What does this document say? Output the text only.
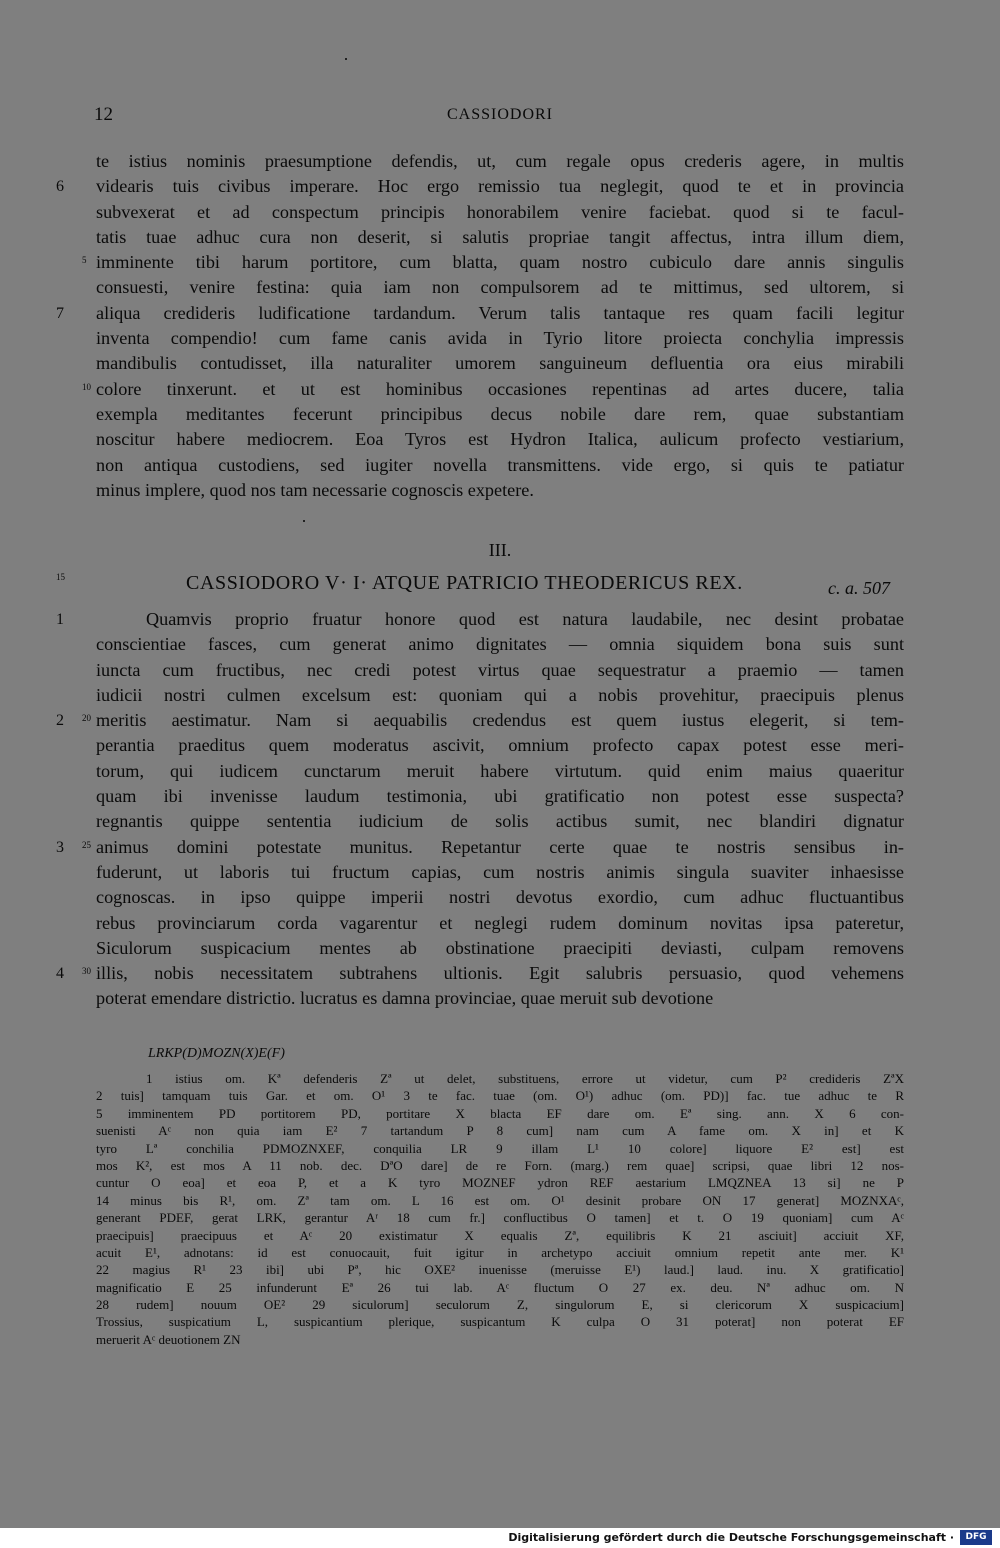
12	CASSIODORI
te istius nominis praesumptione defendis, ut, cum regale opus crederis agere, in multis
videaris tuis civibus imperare. Hoc ergo remissio tua neglegit, quod te et in provincia
6
subvexerat et ad conspectum principis honorabilem venire faciebat. quod si te facul-
tatis tuae adhuc cura non deserit, si salutis propriae tangit affectus, intra illum diem,
imminente tibi harum portitore, cum blatta, quam nostro cubiculo dare annis singulis
5
consuesti, venire festina: quia iam non compulsorem ad te mittimus, sed ultorem, si
aliqua credideris ludificatione tardandum. Verum talis tantaque res quam facili legitur
7
inventa compendio! cum fame canis avida in Tyrio litore proiecta conchylia impressis
mandibulis contudisset, illa naturaliter umorem sanguineum defluentia ora eius mirabili
colore tinxerunt. et ut est hominibus occasiones repentinas ad artes ducere, talia
10
exempla meditantes fecerunt principibus decus nobile dare rem, quae substantiam
noscitur habere mediocrem. Eoa Tyros est Hydron Italica, aulicum profecto vestiarium,
non antiqua custodiens, sed iugiter novella transmittens. vide ergo, si quis te patiatur
minus implere, quod nos tam necessarie cognoscis expetere.
III.
15	CASSIODORO V· I· ATQUE PATRICIO THEODERICUS REX.	c. a. 507
Quamvis proprio fruatur honore quod est natura laudabile, nec desint probatae
1
conscientiae fasces, cum generat animo dignitates — omnia siquidem bona suis sunt
iuncta cum fructibus, nec credi potest virtus quae sequestratur a praemio — tamen
iudicii nostri culmen excelsum est: quoniam qui a nobis provehitur, praecipuis plenus
meritis aestimatur. Nam si aequabilis credendus est quem iustus elegerit, si tem-
2 20
perantia praeditus quem moderatus ascivit, omnium profecto capax potest esse meri-
torum, qui iudicem cunctarum meruit habere virtutum. quid enim maius quaeritur
quam ibi invenisse laudum testimonia, ubi gratificatio non potest esse suspecta?
regnantis quippe sententia iudicium de solis actibus sumit, nec blandiri dignatur
animus domini potestate munitus. Repetantur certe quae te nostris sensibus in-
3 25
fuderunt, ut laboris tui fructum capias, cum nostris animis singula suaviter inhaesisse
cognoscas. in ipso quippe imperii nostri devotus exordio, cum adhuc fluctuantibus
rebus provinciarum corda vagarentur et neglegi rudem dominum novitas ipsa pateretur,
Siculorum suspicacium mentes ab obstinatione praecipiti deviasti, culpam removens
illis, nobis necessitatem subtrahens ultionis. Egit salubris persuasio, quod vehemens
4 30
poterat emendare districtio. lucratus es damna provinciae, quae meruit sub devotione
LRKP(D)MOZN(X)E(F)
1 istius om. Kª defenderis Zª ut delet, substituens, errore ut videtur, cum P² credideris ZªX
2 tuis] tamquam tuis Gar. et om. O¹ 3 te fac. tuae (om. O¹) adhuc (om. PD)] fac. tue adhuc te R
5 imminentem PD portitorem PD, portitare X blacta EF dare om. Eª sing. ann. X 6 con-
suenisti Aᶜ non quia iam E² 7 tartandum P 8 cum] nam cum A fame om. X in] et K
tyro Lª conchilia PDMOZNXEF, conquilia LR 9 illam L¹ 10 colore] liquore E² est] est
mos K², est mos A 11 nob. dec. DªO dare] de re Forn. (marg.) rem quae] scripsi, quae libri 12 nos-
cuntur O eoa] et eoa P, et a K tyro MOZNEF ydron REF aestarium LMQZNEA 13 si] ne P
14 minus bis R¹, om. Zª tam om. L 16 est om. O¹ desinit probare ON 17 generat] MOZNXAᶜ,
generant PDEF, gerat LRK, gerantur Aʳ 18 cum fr.] confluctibus O tamen] et t. O 19 quoniam] cum Aᶜ
praecipuis] praecipuus et Aᶜ 20 existimatur X equalis Zª, equilibris K 21 asciuit] acciuit XF,
acuit E¹, adnotans: id est conuocauit, fuit igitur in archetypo acciuit omnium repetit ante mer. K¹
22 magius R¹ 23 ibi] ubi Pª, hic OXE² inuenisse (meruisse E¹) laud.] laud. inu. X gratificatio]
magnificatio E 25 infunderunt Eª 26 tui lab. Aᶜ fluctum O 27 ex. deu. Nª adhuc om. N
28 rudem] nouum OE² 29 siculorum] seculorum Z, singulorum E, si clericorum X suspicacium]
Trossius, suspicatium L, suspicantium plerique, suspicantum K culpa O 31 poterat] non poterat EF
meruerit Aᶜ deuotionem ZN
Digitalisierung gefördert durch die Deutsche Forschungsgemeinschaft ·	DFG
